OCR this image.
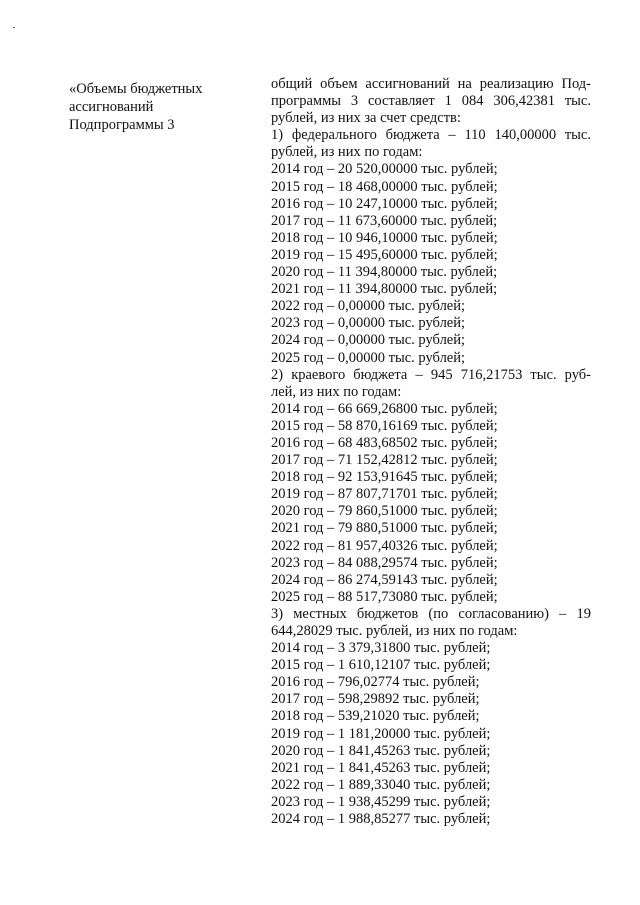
«Объемы бюджетных
ассигнований
Подпрограммы 3
общий объем ассигнований на реализацию Под-
программы 3 составляет 1 084 306,42381 тыс.
рублей, из них за счет средств:
1) федерального бюджета – 110 140,00000 тыс.
рублей, из них по годам:
2014 год – 20 520,00000 тыс. рублей;
2015 год – 18 468,00000 тыс. рублей;
2016 год – 10 247,10000 тыс. рублей;
2017 год – 11 673,60000 тыс. рублей;
2018 год – 10 946,10000 тыс. рублей;
2019 год – 15 495,60000 тыс. рублей;
2020 год – 11 394,80000 тыс. рублей;
2021 год – 11 394,80000 тыс. рублей;
2022 год – 0,00000 тыс. рублей;
2023 год – 0,00000 тыс. рублей;
2024 год – 0,00000 тыс. рублей;
2025 год – 0,00000 тыс. рублей;
2) краевого бюджета – 945 716,21753 тыс. руб-
лей, из них по годам:
2014 год – 66 669,26800 тыс. рублей;
2015 год – 58 870,16169 тыс. рублей;
2016 год – 68 483,68502 тыс. рублей;
2017 год – 71 152,42812 тыс. рублей;
2018 год – 92 153,91645 тыс. рублей;
2019 год – 87 807,71701 тыс. рублей;
2020 год – 79 860,51000 тыс. рублей;
2021 год – 79 880,51000 тыс. рублей;
2022 год – 81 957,40326 тыс. рублей;
2023 год – 84 088,29574 тыс. рублей;
2024 год – 86 274,59143 тыс. рублей;
2025 год – 88 517,73080 тыс. рублей;
3) местных бюджетов (по согласованию) – 19
644,28029 тыс. рублей, из них по годам:
2014 год – 3 379,31800 тыс. рублей;
2015 год – 1 610,12107 тыс. рублей;
2016 год – 796,02774 тыс. рублей;
2017 год – 598,29892 тыс. рублей;
2018 год – 539,21020 тыс. рублей;
2019 год – 1 181,20000 тыс. рублей;
2020 год – 1 841,45263 тыс. рублей;
2021 год – 1 841,45263 тыс. рублей;
2022 год – 1 889,33040 тыс. рублей;
2023 год – 1 938,45299 тыс. рублей;
2024 год – 1 988,85277 тыс. рублей;
